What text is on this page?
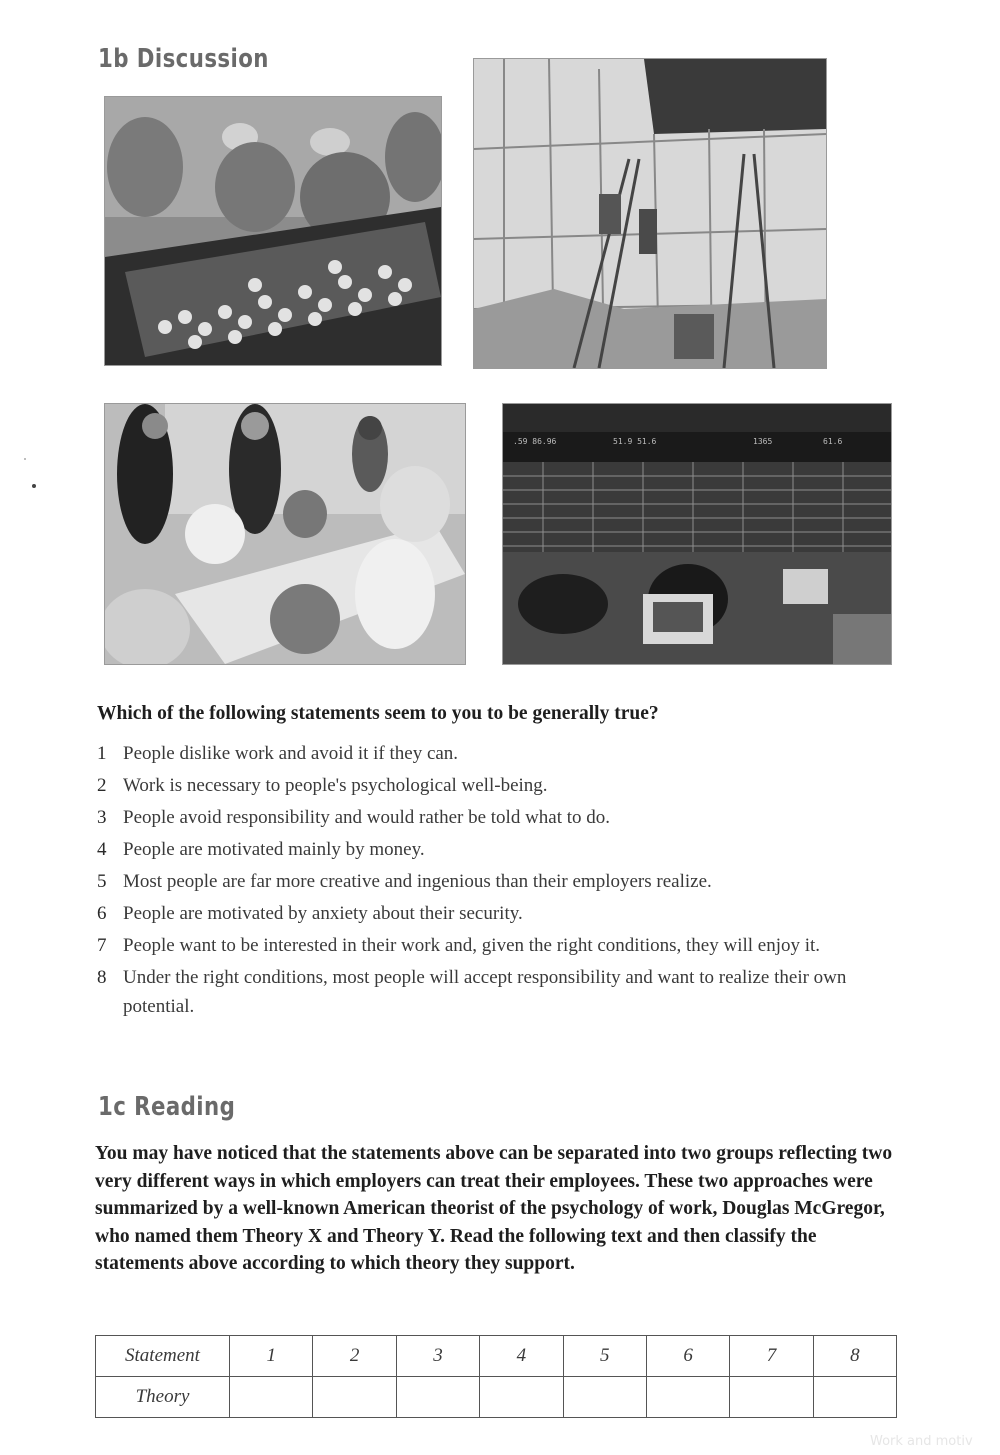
1b Discussion
.59 86.96	51.9 51.6	1365	61.6
Which of the following statements seem to you to be generally true?
1 People dislike work and avoid it if they can.
2 Work is necessary to people's psychological well-being.
3 People avoid responsibility and would rather be told what to do.
4 People are motivated mainly by money.
5 Most people are far more creative and ingenious than their employers realize.
6 People are motivated by anxiety about their security.
7 People want to be interested in their work and, given the right conditions, they will enjoy it.
8 Under the right conditions, most people will accept responsibility and want to realize their own potential.
1c Reading
You may have noticed that the statements above can be separated into two groups reflecting two very different ways in which employers can treat their employees. These two approaches were summarized by a well-known American theorist of the psychology of work, Douglas McGregor, who named them Theory X and Theory Y. Read the following text and then classify the statements above according to which theory they support.
Statement	1	2	3	4	5	6	7	8
Theory								
Work and motiv
